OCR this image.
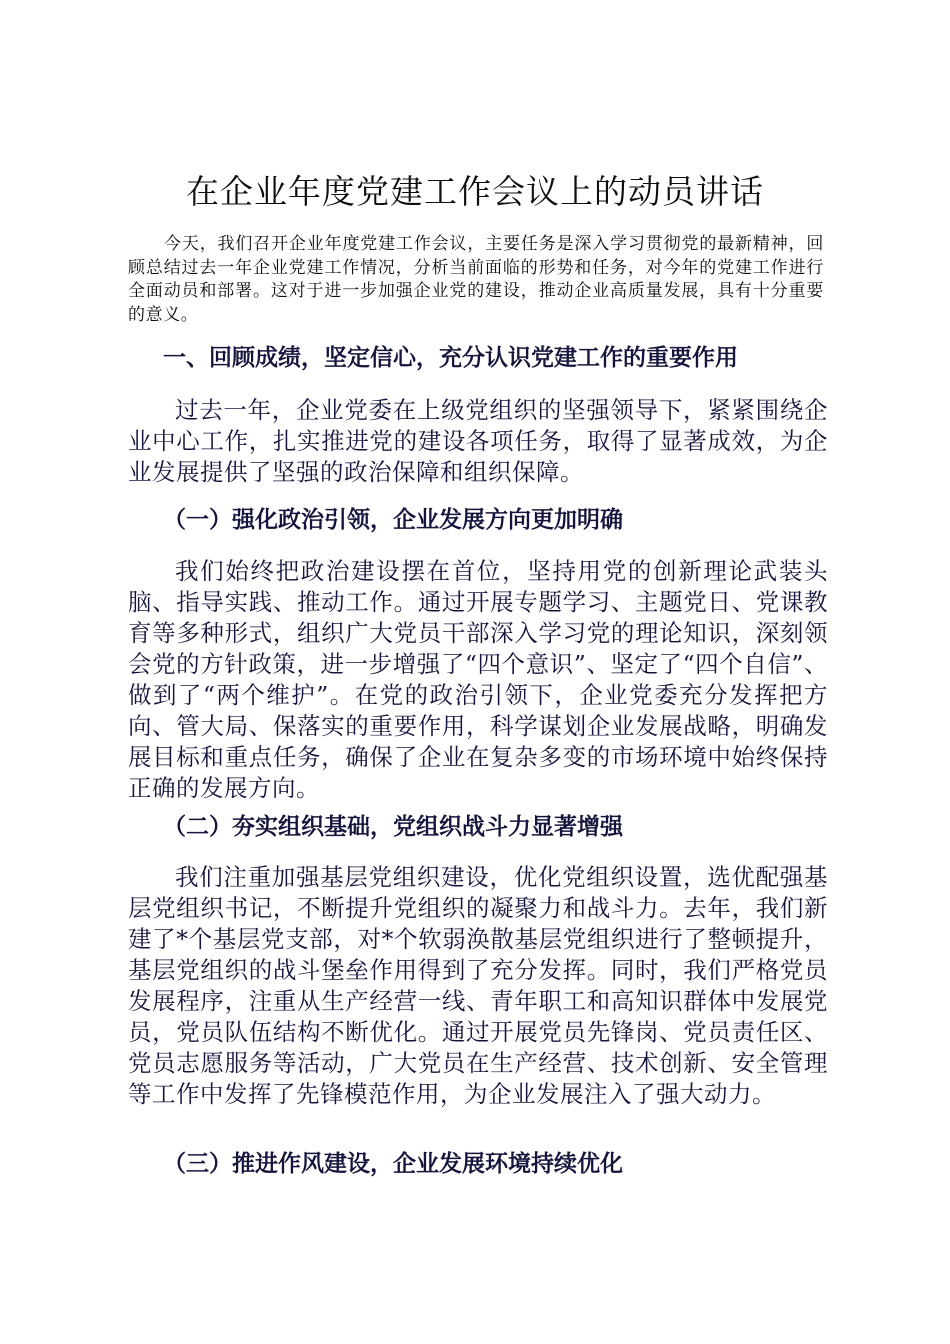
在企业年度党建工作会议上的动员讲话
今天，我们召开企业年度党建工作会议，主要任务是深入学习贯彻党的最新精神，回顾总结过去一年企业党建工作情况，分析当前面临的形势和任务，对今年的党建工作进行全面动员和部署。这对于进一步加强企业党的建设，推动企业高质量发展，具有十分重要的意义。
一、回顾成绩，坚定信心，充分认识党建工作的重要作用
过去一年，企业党委在上级党组织的坚强领导下，紧紧围绕企业中心工作，扎实推进党的建设各项任务，取得了显著成效，为企业发展提供了坚强的政治保障和组织保障。
（一）强化政治引领，企业发展方向更加明确
我们始终把政治建设摆在首位，坚持用党的创新理论武装头脑、指导实践、推动工作。通过开展专题学习、主题党日、党课教育等多种形式，组织广大党员干部深入学习党的理论知识，深刻领会党的方针政策，进一步增强了“四个意识”、坚定了“四个自信”、做到了“两个维护”。在党的政治引领下，企业党委充分发挥把方向、管大局、保落实的重要作用，科学谋划企业发展战略，明确发展目标和重点任务，确保了企业在复杂多变的市场环境中始终保持正确的发展方向。
（二）夯实组织基础，党组织战斗力显著增强
我们注重加强基层党组织建设，优化党组织设置，选优配强基层党组织书记，不断提升党组织的凝聚力和战斗力。去年，我们新建了*个基层党支部，对*个软弱涣散基层党组织进行了整顿提升，基层党组织的战斗堡垒作用得到了充分发挥。同时，我们严格党员发展程序，注重从生产经营一线、青年职工和高知识群体中发展党员，党员队伍结构不断优化。通过开展党员先锋岗、党员责任区、党员志愿服务等活动，广大党员在生产经营、技术创新、安全管理等工作中发挥了先锋模范作用，为企业发展注入了强大动力。
（三）推进作风建设，企业发展环境持续优化
